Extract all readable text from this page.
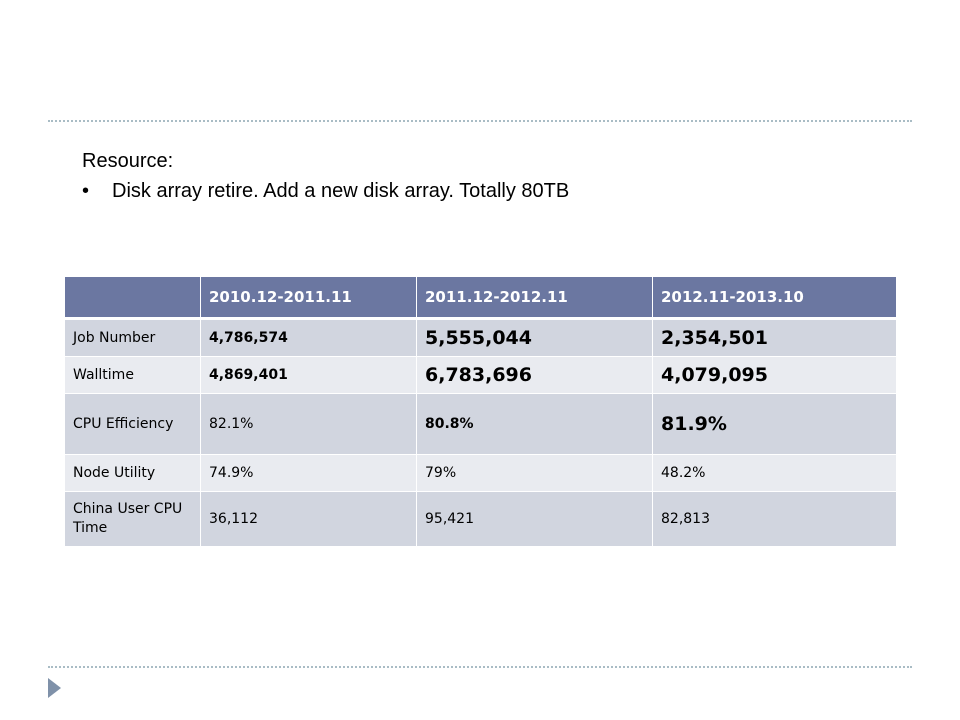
Resource:
•	Disk array retire. Add a new disk array. Totally 80TB
	2010.12-2011.11	2011.12-2012.11	2012.11-2013.10
Job Number	4,786,574	5,555,044	2,354,501
Walltime	4,869,401	6,783,696	4,079,095
CPU Efficiency	82.1%	80.8%	81.9%
Node Utility	74.9%	79%	48.2%
China User CPU Time	36,112	95,421	82,813
